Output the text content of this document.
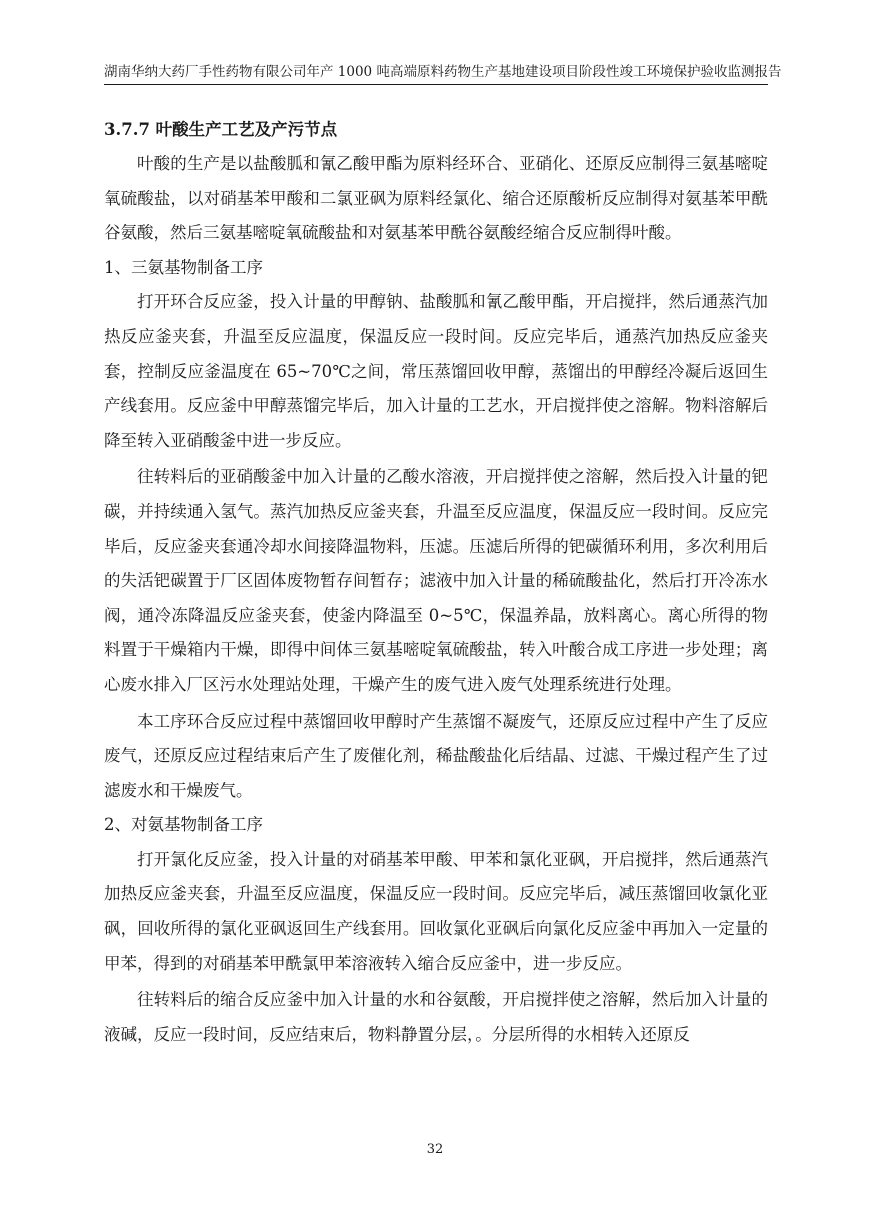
湖南华纳大药厂手性药物有限公司年产 1000 吨高端原料药物生产基地建设项目阶段性竣工环境保护验收监测报告
3.7.7 叶酸生产工艺及产污节点

叶酸的生产是以盐酸胍和氰乙酸甲酯为原料经环合、亚硝化、还原反应制得三氨基嘧啶氧硫酸盐，以对硝基苯甲酸和二氯亚砜为原料经氯化、缩合还原酸析反应制得对氨基苯甲酰谷氨酸，然后三氨基嘧啶氧硫酸盐和对氨基苯甲酰谷氨酸经缩合反应制得叶酸。

1、三氨基物制备工序

打开环合反应釜，投入计量的甲醇钠、盐酸胍和氰乙酸甲酯，开启搅拌，然后通蒸汽加热反应釜夹套，升温至反应温度，保温反应一段时间。反应完毕后，通蒸汽加热反应釜夹套，控制反应釜温度在 65~70℃之间，常压蒸馏回收甲醇，蒸馏出的甲醇经冷凝后返回生产线套用。反应釜中甲醇蒸馏完毕后，加入计量的工艺水，开启搅拌使之溶解。物料溶解后降至转入亚硝酸釜中进一步反应。

往转料后的亚硝酸釜中加入计量的乙酸水溶液，开启搅拌使之溶解，然后投入计量的钯碳，并持续通入氢气。蒸汽加热反应釜夹套，升温至反应温度，保温反应一段时间。反应完毕后，反应釜夹套通冷却水间接降温物料，压滤。压滤后所得的钯碳循环利用，多次利用后的失活钯碳置于厂区固体废物暂存间暂存；滤液中加入计量的稀硫酸盐化，然后打开冷冻水阀，通冷冻降温反应釜夹套，使釜内降温至 0~5℃，保温养晶，放料离心。离心所得的物料置于干燥箱内干燥，即得中间体三氨基嘧啶氧硫酸盐，转入叶酸合成工序进一步处理；离心废水排入厂区污水处理站处理，干燥产生的废气进入废气处理系统进行处理。

本工序环合反应过程中蒸馏回收甲醇时产生蒸馏不凝废气，还原反应过程中产生了反应废气，还原反应过程结束后产生了废催化剂，稀盐酸盐化后结晶、过滤、干燥过程产生了过滤废水和干燥废气。

2、对氨基物制备工序

打开氯化反应釜，投入计量的对硝基苯甲酸、甲苯和氯化亚砜，开启搅拌，然后通蒸汽加热反应釜夹套，升温至反应温度，保温反应一段时间。反应完毕后，减压蒸馏回收氯化亚砜，回收所得的氯化亚砜返回生产线套用。回收氯化亚砜后向氯化反应釜中再加入一定量的甲苯，得到的对硝基苯甲酰氯甲苯溶液转入缩合反应釜中，进一步反应。

往转料后的缩合反应釜中加入计量的水和谷氨酸，开启搅拌使之溶解，然后加入计量的液碱，反应一段时间，反应结束后，物料静置分层，。分层所得的水相转入还原反

32
